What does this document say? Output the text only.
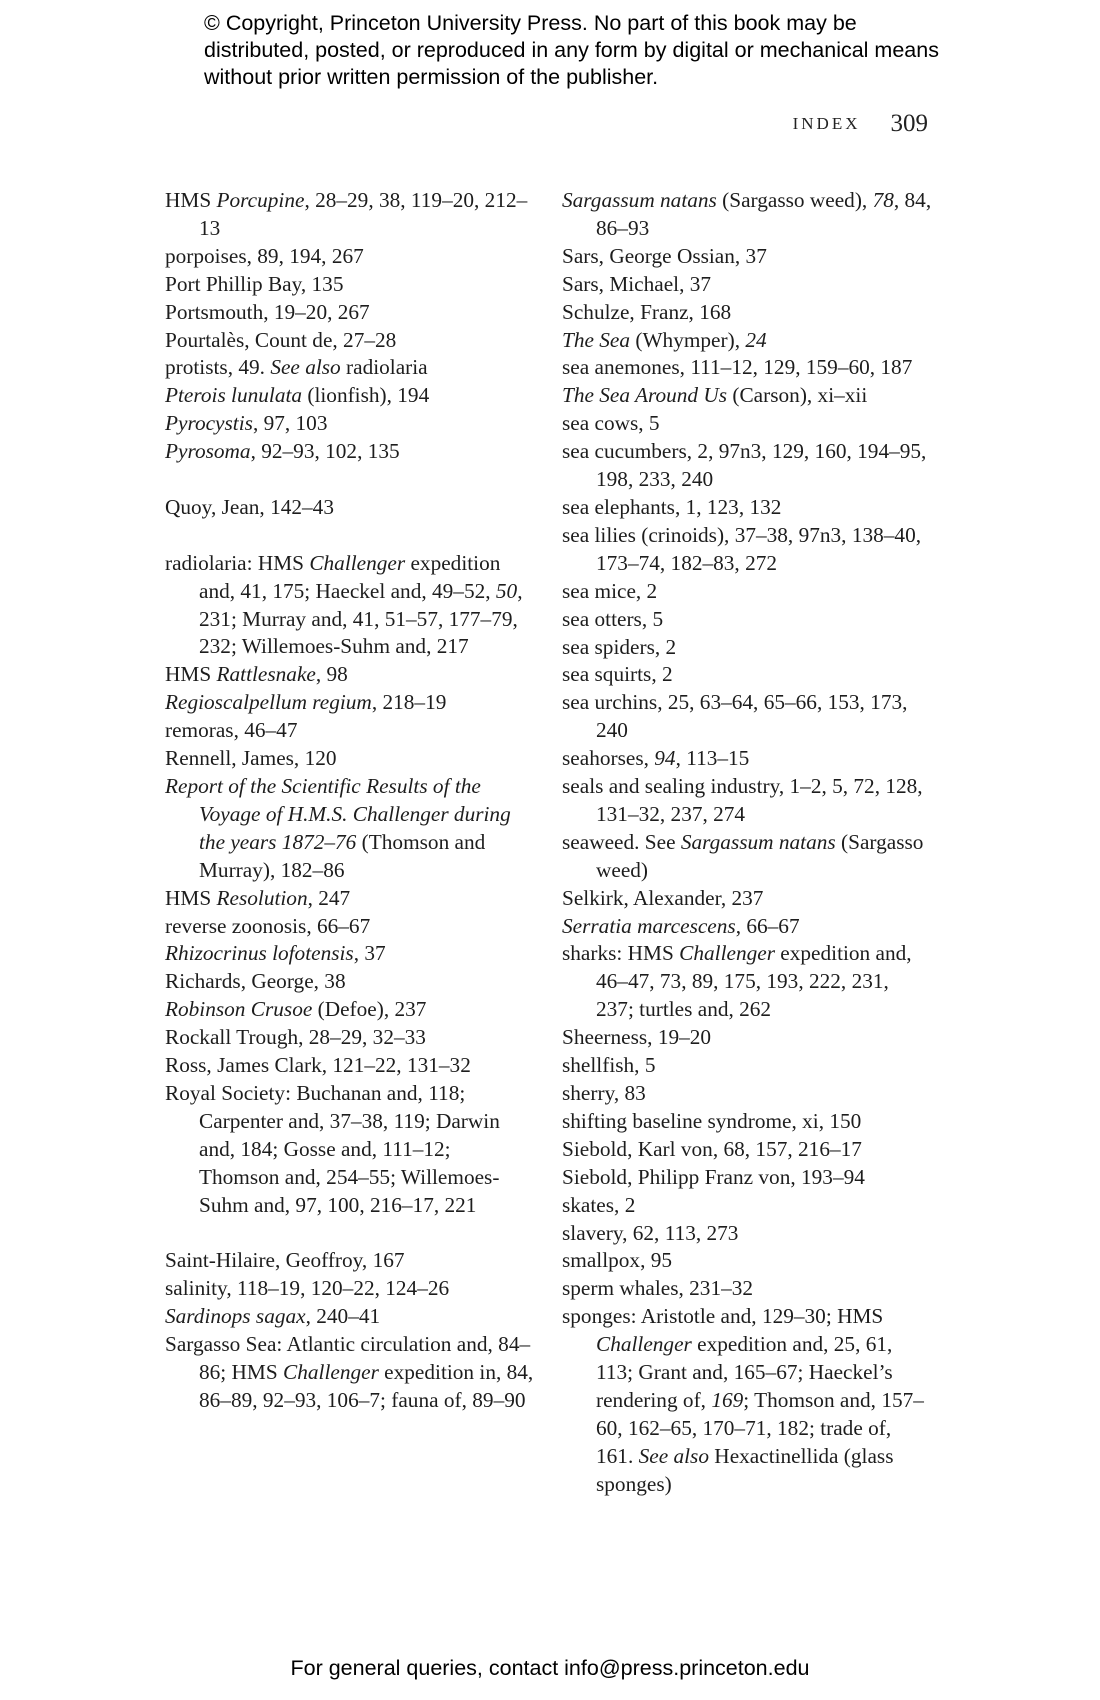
© Copyright, Princeton University Press. No part of this book may be distributed, posted, or reproduced in any form by digital or mechanical means without prior written permission of the publisher.
INDEX 309

HMS Porcupine, 28–29, 38, 119–20, 212–13

porpoises, 89, 194, 267

Port Phillip Bay, 135

Portsmouth, 19–20, 267

Pourtalès, Count de, 27–28

protists, 49. See also radiolaria

Pterois lunulata (lionfish), 194

Pyrocystis, 97, 103

Pyrosoma, 92–93, 102, 135

Quoy, Jean, 142–43

radiolaria: HMS Challenger expedition and, 41, 175; Haeckel and, 49–52, 50, 231; Murray and, 41, 51–57, 177–79, 232; Willemoes-Suhm and, 217

HMS Rattlesnake, 98

Regioscalpellum regium, 218–19

remoras, 46–47

Rennell, James, 120

Report of the Scientific Results of the Voyage of H.M.S. Challenger during the years 1872–76 (Thomson and Murray), 182–86

HMS Resolution, 247

reverse zoonosis, 66–67

Rhizocrinus lofotensis, 37

Richards, George, 38

Robinson Crusoe (Defoe), 237

Rockall Trough, 28–29, 32–33

Ross, James Clark, 121–22, 131–32

Royal Society: Buchanan and, 118; Carpenter and, 37–38, 119; Darwin and, 184; Gosse and, 111–12; Thomson and, 254–55; Willemoes-Suhm and, 97, 100, 216–17, 221

Saint-Hilaire, Geoffroy, 167

salinity, 118–19, 120–22, 124–26

Sardinops sagax, 240–41

Sargasso Sea: Atlantic circulation and, 84–86; HMS Challenger expedition in, 84, 86–89, 92–93, 106–7; fauna of, 89–90

Sargassum natans (Sargasso weed), 78, 84, 86–93

Sars, George Ossian, 37

Sars, Michael, 37

Schulze, Franz, 168

The Sea (Whymper), 24

sea anemones, 111–12, 129, 159–60, 187

The Sea Around Us (Carson), xi–xii

sea cows, 5

sea cucumbers, 2, 97n3, 129, 160, 194–95, 198, 233, 240

sea elephants, 1, 123, 132

sea lilies (crinoids), 37–38, 97n3, 138–40, 173–74, 182–83, 272

sea mice, 2

sea otters, 5

sea spiders, 2

sea squirts, 2

sea urchins, 25, 63–64, 65–66, 153, 173, 240

seahorses, 94, 113–15

seals and sealing industry, 1–2, 5, 72, 128, 131–32, 237, 274

seaweed. See Sargassum natans (Sargasso weed)

Selkirk, Alexander, 237

Serratia marcescens, 66–67

sharks: HMS Challenger expedition and, 46–47, 73, 89, 175, 193, 222, 231, 237; turtles and, 262

Sheerness, 19–20

shellfish, 5

sherry, 83

shifting baseline syndrome, xi, 150

Siebold, Karl von, 68, 157, 216–17

Siebold, Philipp Franz von, 193–94

skates, 2

slavery, 62, 113, 273

smallpox, 95

sperm whales, 231–32

sponges: Aristotle and, 129–30; HMS Challenger expedition and, 25, 61, 113; Grant and, 165–67; Haeckel’s rendering of, 169; Thomson and, 157–60, 162–65, 170–71, 182; trade of, 161. See also Hexactinellida (glass sponges)

For general queries, contact info@press.princeton.edu
